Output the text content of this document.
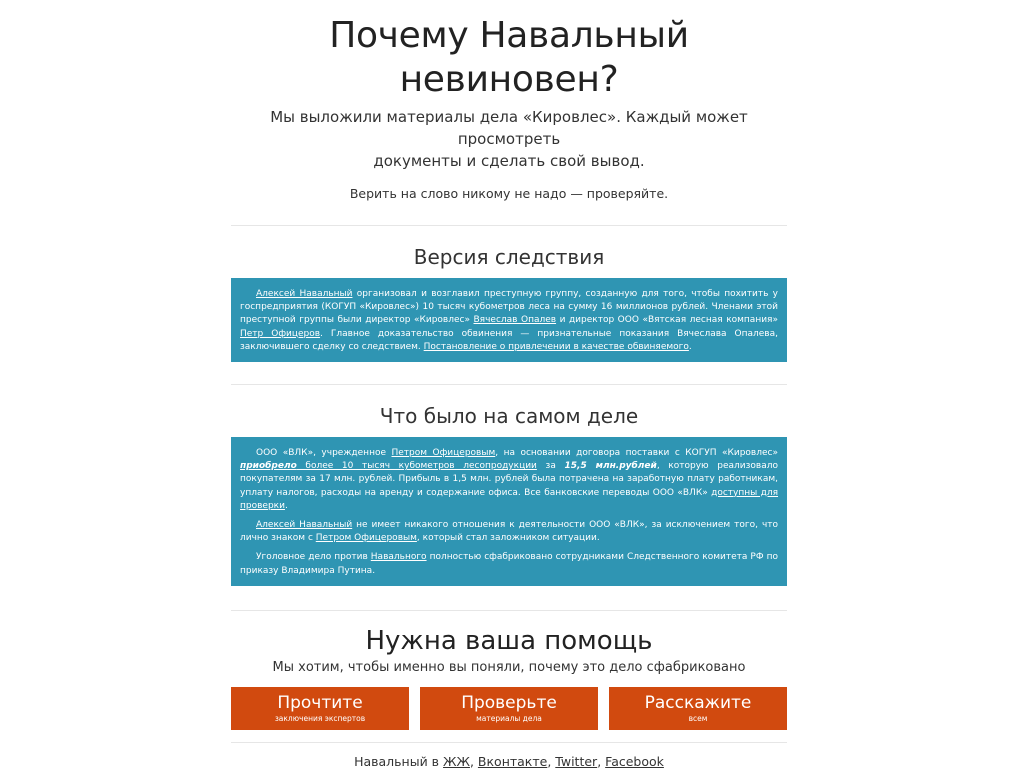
Почему Навальный невиновен?

Мы выложили материалы дела «Кировлес». Каждый может просмотреть
документы и сделать свой вывод.

Верить на слово никому не надо — проверяйте.

Версия следствия

Алексей Навальный организовал и возглавил преступную группу, созданную для того, чтобы похитить у госпредприятия (КОГУП «Кировлес») 10 тысяч кубометров леса на сумму 16 миллионов рублей. Членами этой преступной группы были директор «Кировлес» Вячеслав Опалев и директор ООО «Вятская лесная компания» Петр Офицеров. Главное доказательство обвинения — признательные показания Вячеслава Опалева, заключившего сделку со следствием. Постановление о привлечении в качестве обвиняемого.

Что было на самом деле

ООО «ВЛК», учрежденное Петром Офицеровым, на основании договора поставки с КОГУП «Кировлес» приобрело более 10 тысяч кубометров лесопродукции за 15,5 млн.рублей, которую реализовало покупателям за 17 млн. рублей. Прибыль в 1,5 млн. рублей была потрачена на заработную плату работникам, уплату налогов, расходы на аренду и содержание офиса. Все банковские переводы ООО «ВЛК» доступны для проверки.

Алексей Навальный не имеет никакого отношения к деятельности ООО «ВЛК», за исключением того, что лично знаком с Петром Офицеровым, который стал заложником ситуации.

Уголовное дело против Навального полностью сфабриковано сотрудниками Следственного комитета РФ по приказу Владимира Путина.

Нужна ваша помощь

Мы хотим, чтобы именно вы поняли, почему это дело сфабриковано

Прочтите
заключения экспертов
Проверьте
материалы дела
Расскажите
всем

Навальный в ЖЖ, Вконтакте, Twitter, Facebook
